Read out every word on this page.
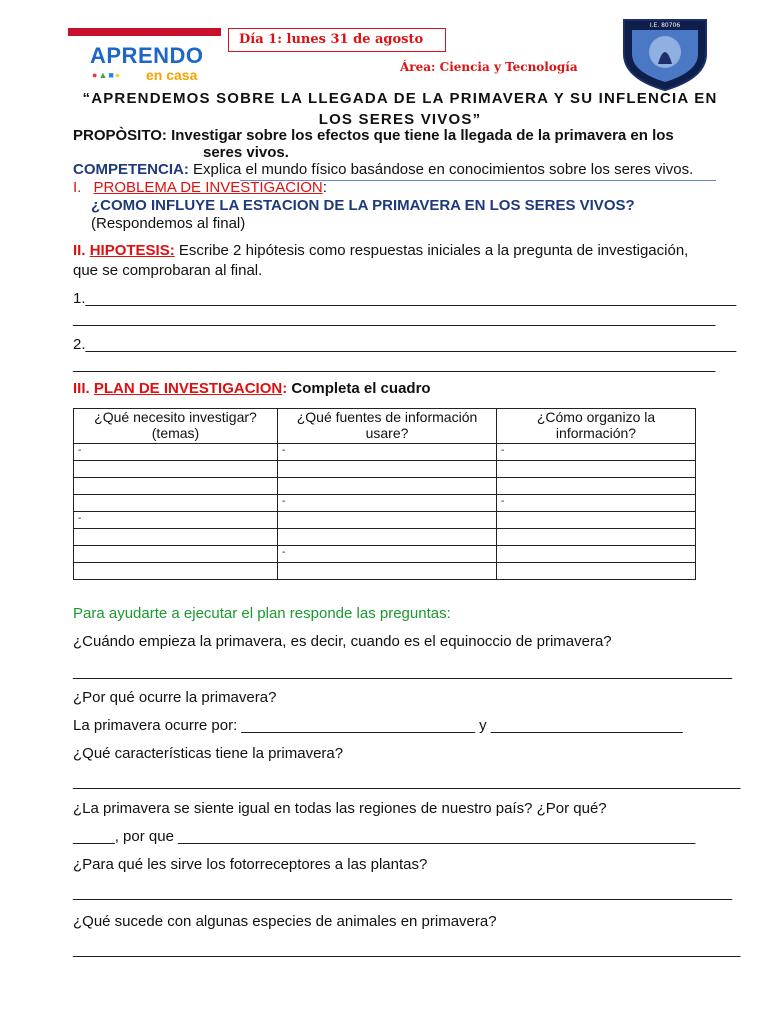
APRENDO
●▲■● en casa
Día 1: lunes 31 de agosto
Área: Ciencia y Tecnología
I.E. 80706
“APRENDEMOS SOBRE LA LLEGADA DE LA PRIMAVERA Y SU INFLENCIA EN LOS SERES VIVOS”
PROPÒSITO: Investigar sobre los efectos que tiene la llegada de la primavera en los
seres vivos.
COMPETENCIA: Explica el mundo físico basándose en conocimientos sobre los seres vivos.
I. PROBLEMA DE INVESTIGACION:
¿COMO INFLUYE LA ESTACION DE LA PRIMAVERA EN LOS SERES VIVOS?
(Respondemos al final)
II. HIPOTESIS: Escribe 2 hipótesis como respuestas iniciales a la pregunta de investigación,
que se comprobaran al final.
1.______________________________________________________________________________
_____________________________________________________________________________
2.______________________________________________________________________________
_____________________________________________________________________________
III. PLAN DE INVESTIGACION: Completa el cuadro
¿Qué necesito investigar? (temas)	¿Qué fuentes de información usare?	¿Cómo organizo la información?
-	-	-

	-	-
-		

	-	

Para ayudarte a ejecutar el plan responde las preguntas:
¿Cuándo empieza la primavera, es decir, cuando es el equinoccio de primavera?
_______________________________________________________________________________
¿Por qué ocurre la primavera?
La primavera ocurre por: ____________________________ y _______________________
¿Qué características tiene la primavera?
________________________________________________________________________________
¿La primavera se siente igual en todas las regiones de nuestro país? ¿Por qué?
_____, por que ______________________________________________________________
¿Para qué les sirve los fotorreceptores a las plantas?
_______________________________________________________________________________
¿Qué sucede con algunas especies de animales en primavera?
________________________________________________________________________________
